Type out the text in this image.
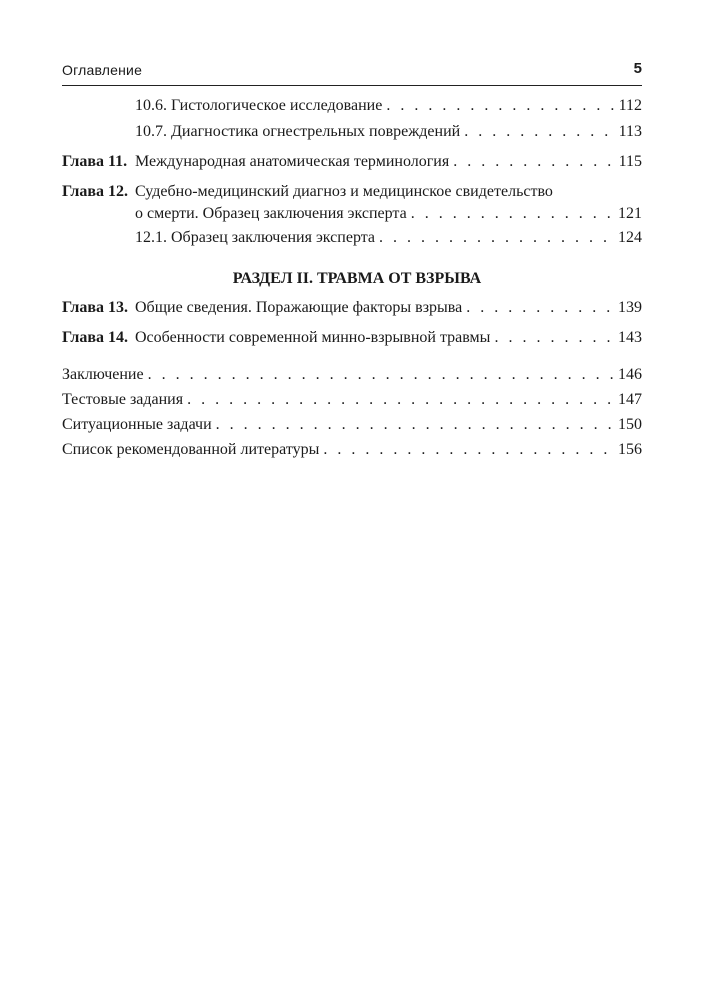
Оглавление	5
10.6. Гистологическое исследование . . .	112
10.7. Диагностика огнестрельных повреждений . . .	113
Глава 11. Международная анатомическая терминология . . .	115
Глава 12. Судебно-медицинский диагноз и медицинское свидетельство
о смерти. Образец заключения эксперта . . .	121
12.1. Образец заключения эксперта . . .	124
РАЗДЕЛ II. ТРАВМА ОТ ВЗРЫВА
Глава 13. Общие сведения. Поражающие факторы взрыва . . .	139
Глава 14. Особенности современной минно-взрывной травмы . . .	143
Заключение . . .	146
Тестовые задания . . .	147
Ситуационные задачи . . .	150
Список рекомендованной литературы . . .	156
